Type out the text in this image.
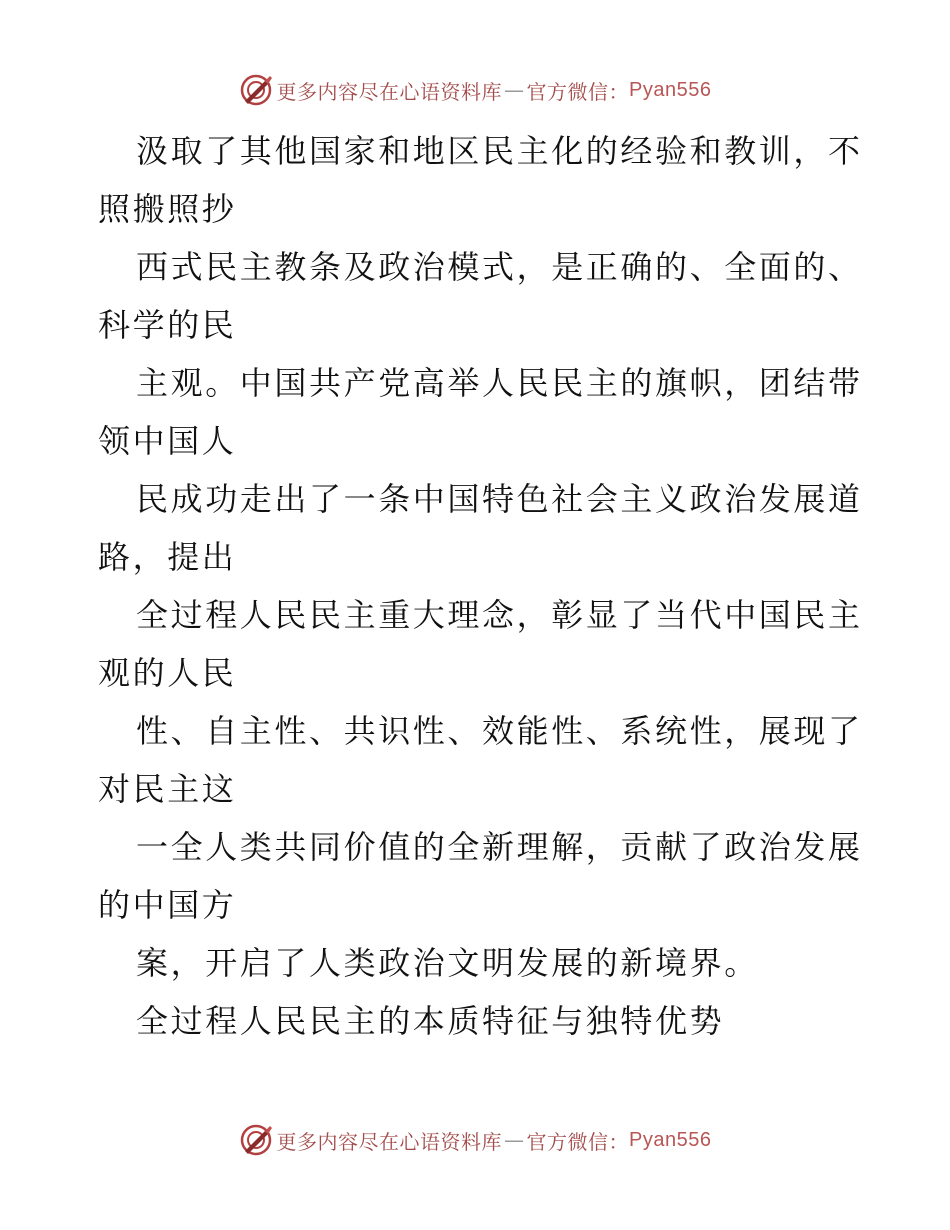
更多内容尽在心语资料库 — 官方微信： Pyan556
汲取了其他国家和地区民主化的经验和教训，不
照搬照抄
西式民主教条及政治模式，是正确的、全面的、
科学的民
主观。中国共产党高举人民民主的旗帜，团结带
领中国人
民成功走出了一条中国特色社会主义政治发展道
路，提出
全过程人民民主重大理念，彰显了当代中国民主
观的人民
性、自主性、共识性、效能性、系统性，展现了
对民主这
一全人类共同价值的全新理解，贡献了政治发展
的中国方
案，开启了人类政治文明发展的新境界。
全过程人民民主的本质特征与独特优势
更多内容尽在心语资料库 — 官方微信： Pyan556
